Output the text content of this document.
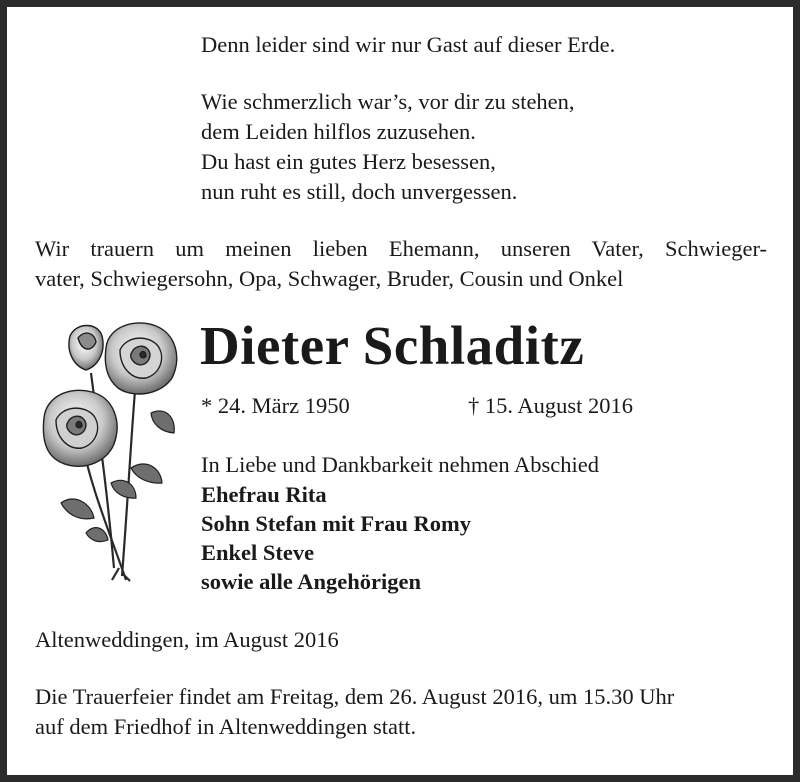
Denn leider sind wir nur Gast auf dieser Erde.
Wie schmerzlich war’s, vor dir zu stehen,
dem Leiden hilflos zuzusehen.
Du hast ein gutes Herz besessen,
nun ruht es still, doch unvergessen.
Wir trauern um meinen lieben Ehemann, unseren Vater, Schwieger-
vater, Schwiegersohn, Opa, Schwager, Bruder, Cousin und Onkel
Dieter Schladitz
* 24. März 1950	† 15. August 2016
In Liebe und Dankbarkeit nehmen Abschied
Ehefrau Rita
Sohn Stefan mit Frau Romy
Enkel Steve
sowie alle Angehörigen
Altenweddingen, im August 2016
Die Trauerfeier findet am Freitag, dem 26. August 2016, um 15.30 Uhr
auf dem Friedhof in Altenweddingen statt.
